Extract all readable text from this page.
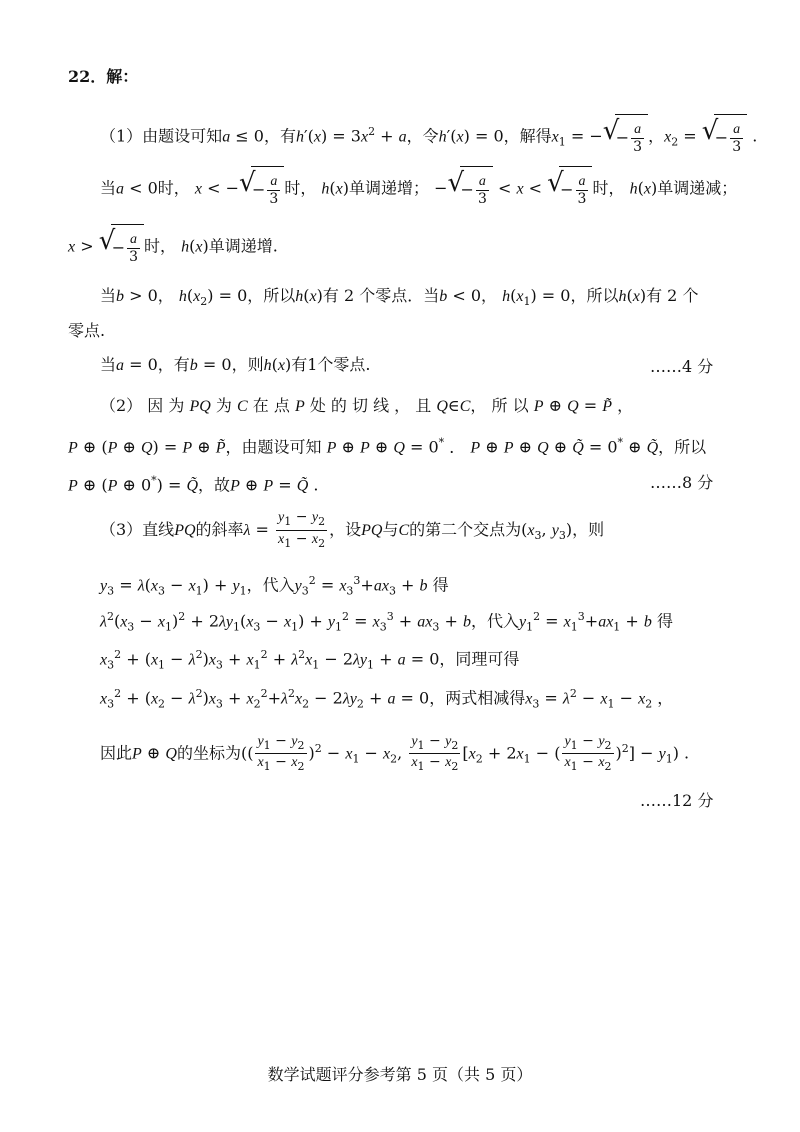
22．解：
（1）由题设可知a ≤ 0，有$h'(x) = 3x^2 + a$，令h′(x) = 0，解得$x_1$ = − √
− $\frac{a}{3}$ ，$x_2$ = √
− $\frac{a}{3}$ .
当a < 0时， x < − √
− $\frac{a}{3}$ 时， h(x)单调递增； − √
− $\frac{a}{3} < x$ < √
− $\frac{a}{3}$ 时， h(x)单调递减；
x > √
− $\frac{a}{3}$ 时， h(x)单调递增.
当b > 0， $h(x_2) = 0$，所以h(x)有 2 个零点．当b < 0， $h(x_1) = 0$，所以h(x)有 2 个
零点.
当a = 0，有b = 0，则h(x)有1个零点.	……4 分
（2） 因 为 PQ 为 C 在 点 P 处 的 切 线 ， 且 Q∈C， 所 以 P ⊕ Q = P̃ ，
P ⊕ (P ⊕ Q) = P ⊕ P̃，由题设可知 P ⊕ P ⊕ Q = 0* ． P ⊕ P ⊕ Q ⊕ Q̃ = 0* ⊕ Q̃，所以
P ⊕ (P ⊕ 0*) = Q̃，故P ⊕ P = Q̃ .	……8 分
（3）直线PQ的斜率$\lambda = \frac{y_1 - y_2}{x_1 - x_2}$ ，设PQ与C的第二个交点为($x_3$, $y_3$)，则
$y_3 = \lambda(x_3 - x_1) + y_1$，代入$y_3^2 = x_3^3+ax_3 + b$ 得
$\lambda^2(x_3 - x_1)^2 + 2\lambda y_1(x_3 - x_1) + y_1^2 = x_3^3 + ax_3 + b$，代入$y_1^2 = x_1^3+ax_1 + b$ 得
$x_3^2 + (x_1 - \lambda^2)x_3 + x_1^2 + \lambda^2x_1 - 2\lambda y_1 + a = 0$，同理可得
$x_3^2 + (x_2 - \lambda^2)x_3 + x_2^2+\lambda^2x_2 - 2\lambda y_2 + a = 0$，两式相减得$x_3 = \lambda^2 - x_1 - x_2$ ，
因此P ⊕ Q的坐标为(( $\frac{y_1 - y_2}{x_1 - x_2} )^2 - x_1 - x_2$, $\frac{y_1 - y_2}{x_1 - x_2} [x_2 + 2x_1$ − ( $\frac{y_1 - y_2}{x_1 - x_2} )^2] - y_1$) .
……12 分
数学试题评分参考第 5 页（共 5 页）
